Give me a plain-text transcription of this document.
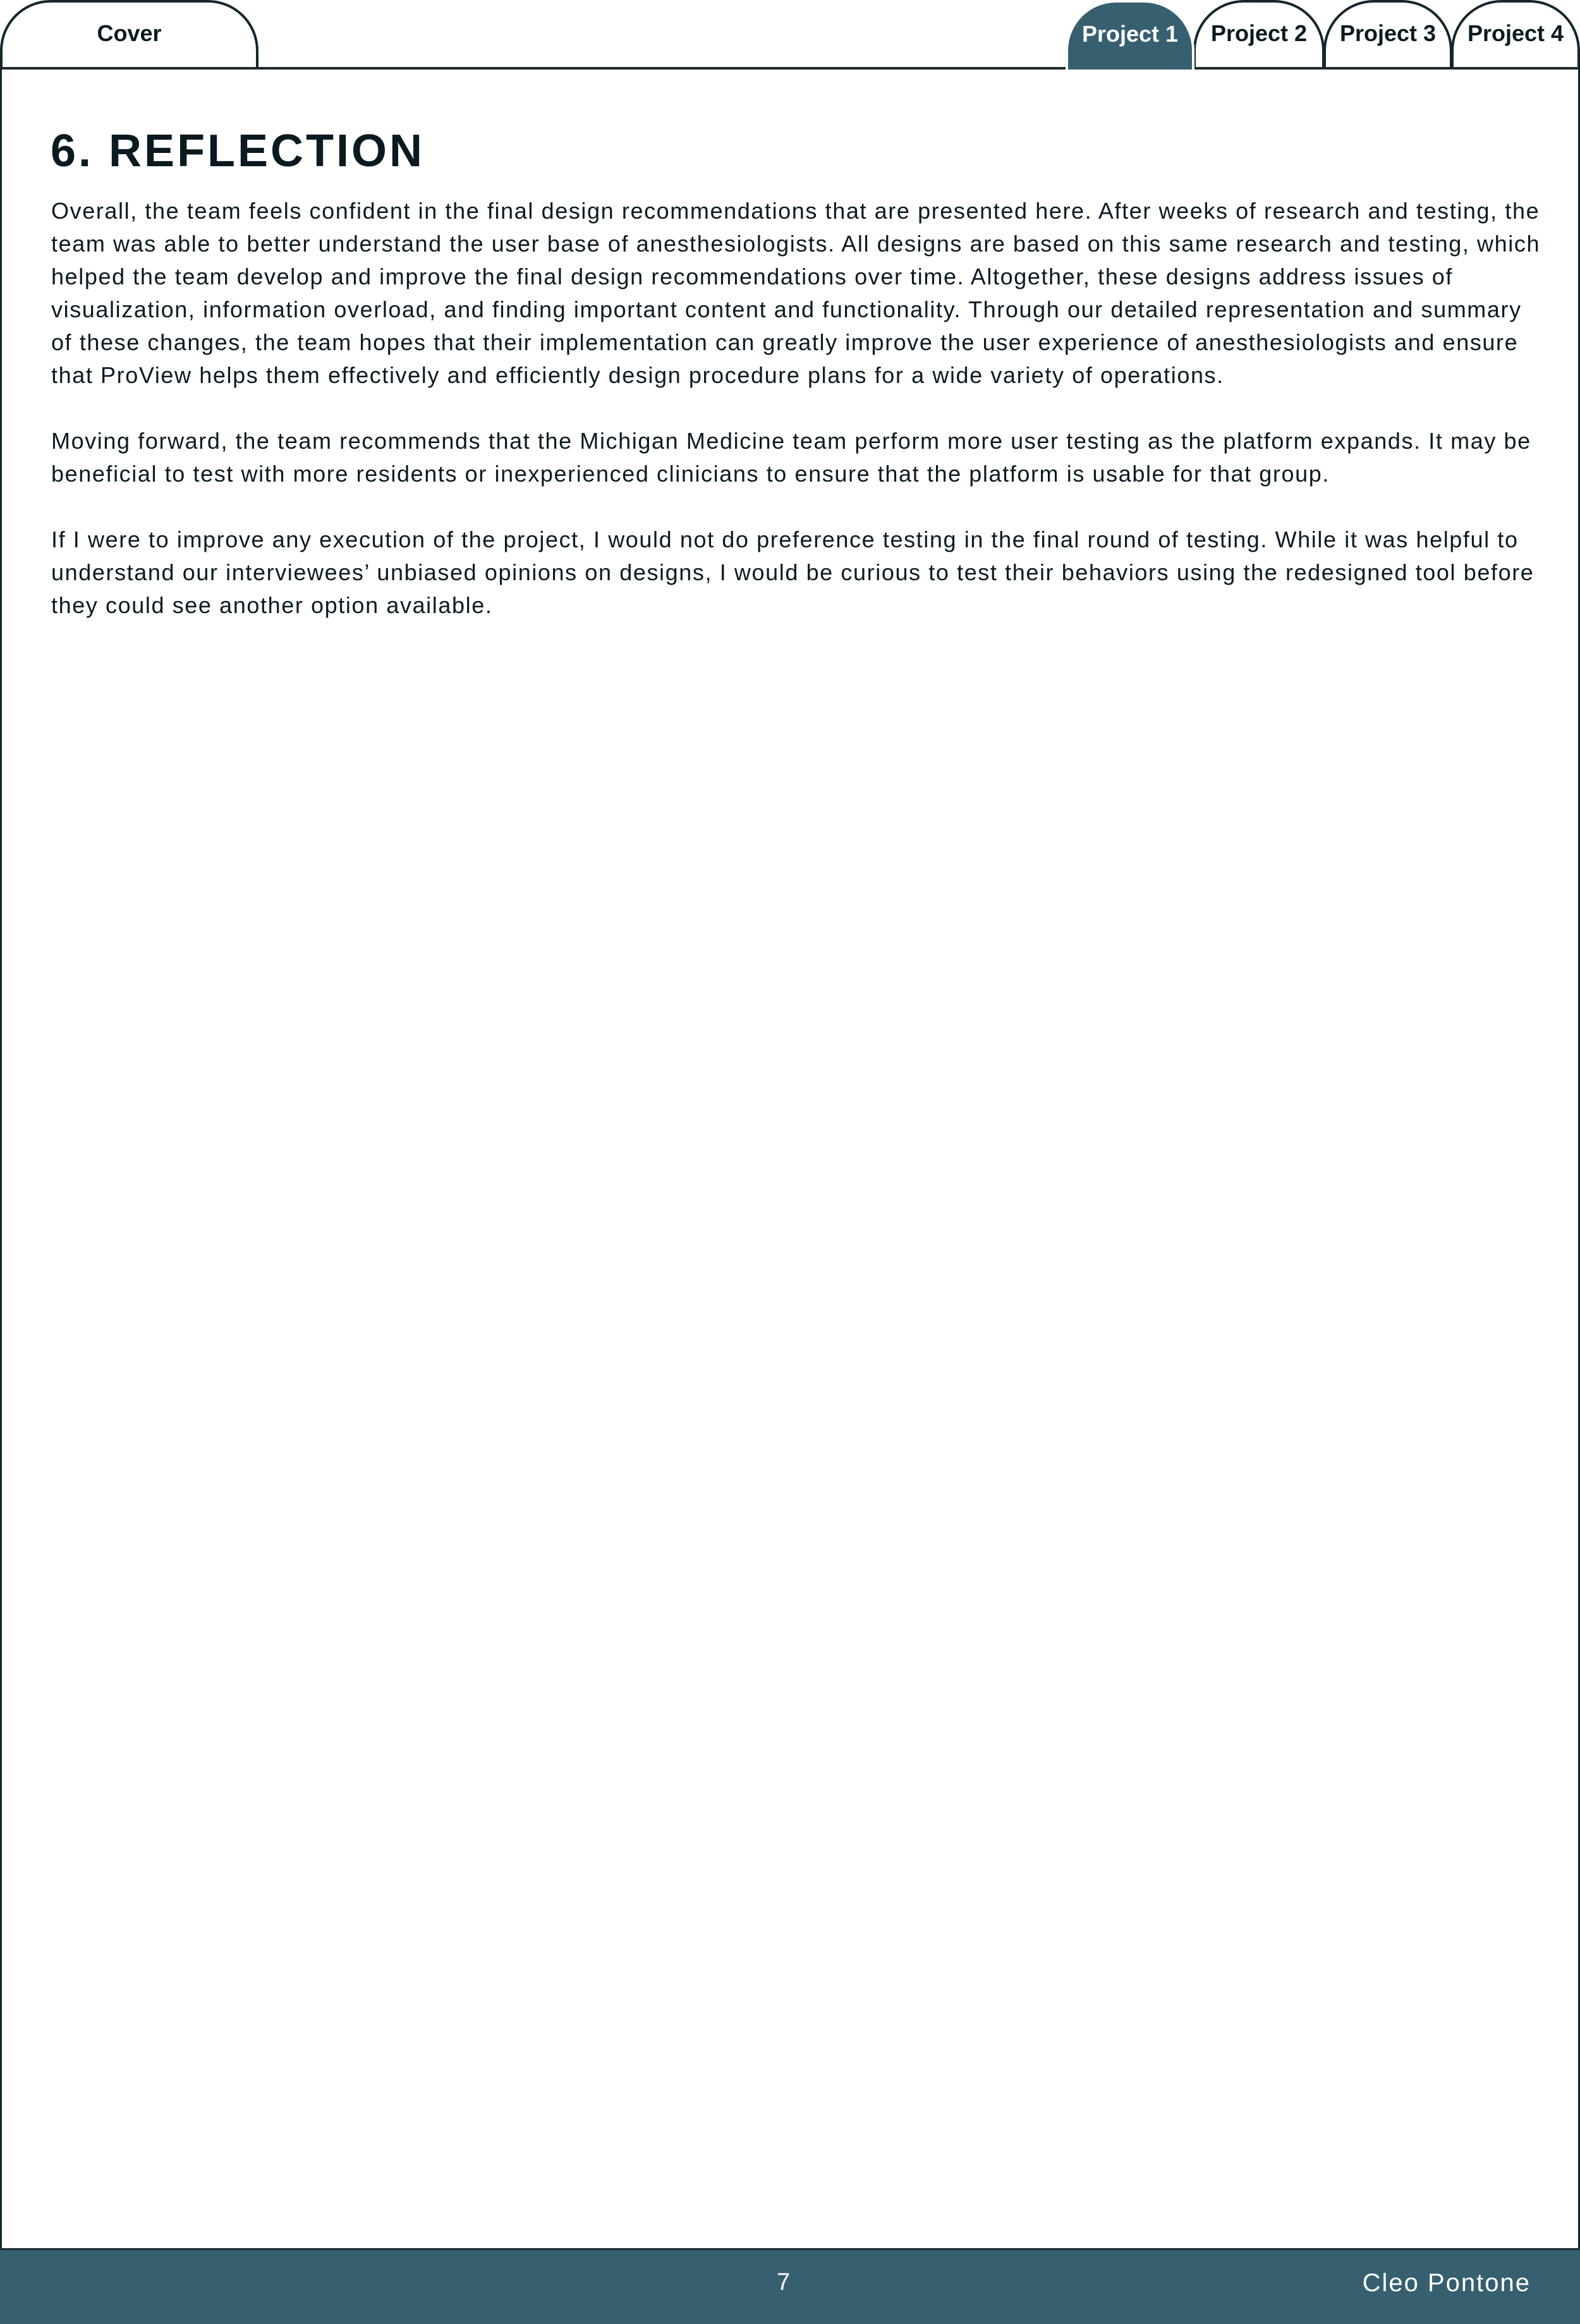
Cover	Project 1 Project 2 Project 3 Project 4
6. REFLECTION

Overall, the team feels confident in the final design recommendations that are presented here. After weeks of research and testing, the team was able to better understand the user base of anesthesiologists. All designs are based on this same research and testing, which helped the team develop and improve the final design recommendations over time. Altogether, these designs address issues of visualization, information overload, and finding important content and functionality. Through our detailed representation and summary of these changes, the team hopes that their implementation can greatly improve the user experience of anesthesiologists and ensure that ProView helps them effectively and efficiently design procedure plans for a wide variety of operations.

Moving forward, the team recommends that the Michigan Medicine team perform more user testing as the platform expands. It may be beneficial to test with more residents or inexperienced clinicians to ensure that the platform is usable for that group.

If I were to improve any execution of the project, I would not do preference testing in the final round of testing. While it was helpful to understand our interviewees’ unbiased opinions on designs, I would be curious to test their behaviors using the redesigned tool before they could see another option available.

7	Cleo Pontone
